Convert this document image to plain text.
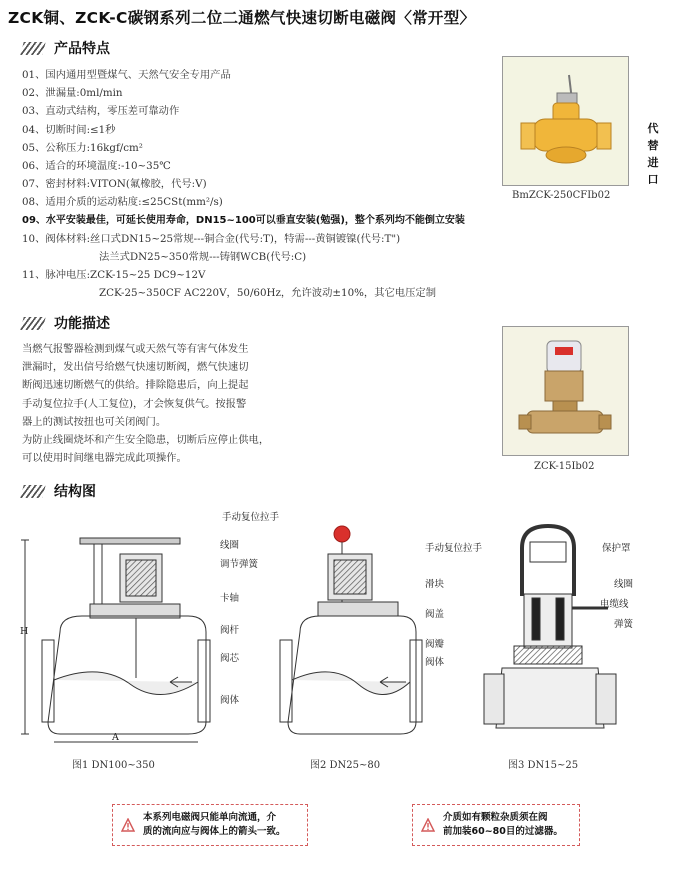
ZCK铜、ZCK-C碳钢系列二位二通燃气快速切断电磁阀〈常开型〉
产品特点
01、国内通用型暨煤气、天然气安全专用产品
02、泄漏量:0ml/min
03、直动式结构，零压差可靠动作
04、切断时间:≤1秒
05、公称压力:16kgf/cm²
06、适合的环境温度:-10~35℃
07、密封材料:VITON(氟橡胶，代号:V)
08、适用介质的运动粘度:≤25CSt(mm²/s)
09、水平安装最佳，可延长使用寿命，DN15~100可以垂直安装(勉强)，整个系列均不能倒立安装
10、阀体材料:丝口式DN15~25常规---铜合金(代号:T)，特需---黄铜镀镍(代号:T")
法兰式DN25~350常规---铸钢WCB(代号:C)
11、脉冲电压:ZCK-15~25 DC9~12V
ZCK-25~350CF AC220V，50/60Hz，允许波动±10%，其它电压定制
BmZCK-250CFIb02
代
替
进
口
功能描述
当燃气报警器检测到煤气或天然气等有害气体发生
泄漏时，发出信号给燃气快速切断阀，燃气快速切
断阀迅速切断燃气的供给。排除隐患后，向上提起
手动复位拉手(人工复位)，才会恢复供气。按报警
器上的测试按扭也可关闭阀门。
为防止线圈烧坏和产生安全隐患，切断后应停止供电，
可以使用时间继电器完成此项操作。
ZCK-15Ib02
结构图
H
A
手动复位拉手
线圈
调节弹簧
卡轴
阀杆
阀芯
阀体
手动复位拉手	保护罩
滑块	线圈
电缆线
阀盖
弹簧
阀瓣
阀体
图1 DN100~350	图2 DN25~80	图3 DN15~25
本系列电磁阀只能单向流通，介
质的流向应与阀体上的箭头一致。
介质如有颗粒杂质须在阀
前加装60~80目的过滤器。
